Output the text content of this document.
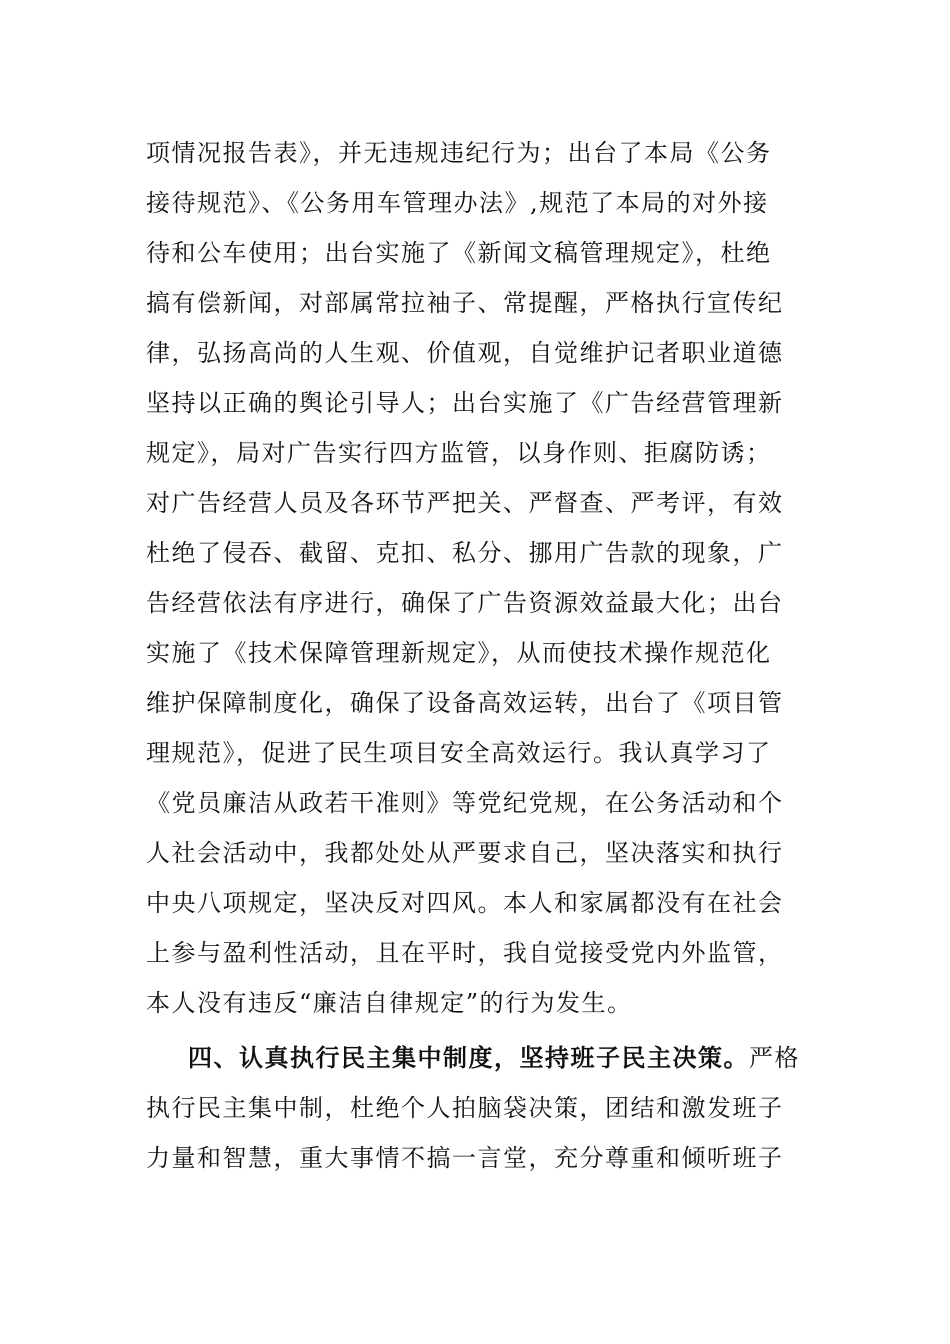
项情况报告表》，并无违规违纪行为；出台了本局《公务
接待规范》、《公务用车管理办法》,规范了本局的对外接
待和公车使用；出台实施了《新闻文稿管理规定》，杜绝
搞有偿新闻，对部属常拉袖子、常提醒，严格执行宣传纪
律，弘扬高尚的人生观、价值观，自觉维护记者职业道德
坚持以正确的舆论引导人；出台实施了《广告经营管理新
规定》，局对广告实行四方监管，以身作则、拒腐防诱；
对广告经营人员及各环节严把关、严督查、严考评，有效
杜绝了侵吞、截留、克扣、私分、挪用广告款的现象，广
告经营依法有序进行，确保了广告资源效益最大化；出台
实施了《技术保障管理新规定》，从而使技术操作规范化
维护保障制度化，确保了设备高效运转，出台了《项目管
理规范》，促进了民生项目安全高效运行。我认真学习了
《党员廉洁从政若干准则》等党纪党规，在公务活动和个
人社会活动中，我都处处从严要求自己，坚决落实和执行
中央八项规定，坚决反对四风。本人和家属都没有在社会
上参与盈利性活动，且在平时，我自觉接受党内外监管，
本人没有违反“廉洁自律规定”的行为发生。
四、认真执行民主集中制度，坚持班子民主决策。严格
执行民主集中制，杜绝个人拍脑袋决策，团结和激发班子
力量和智慧，重大事情不搞一言堂，充分尊重和倾听班子
